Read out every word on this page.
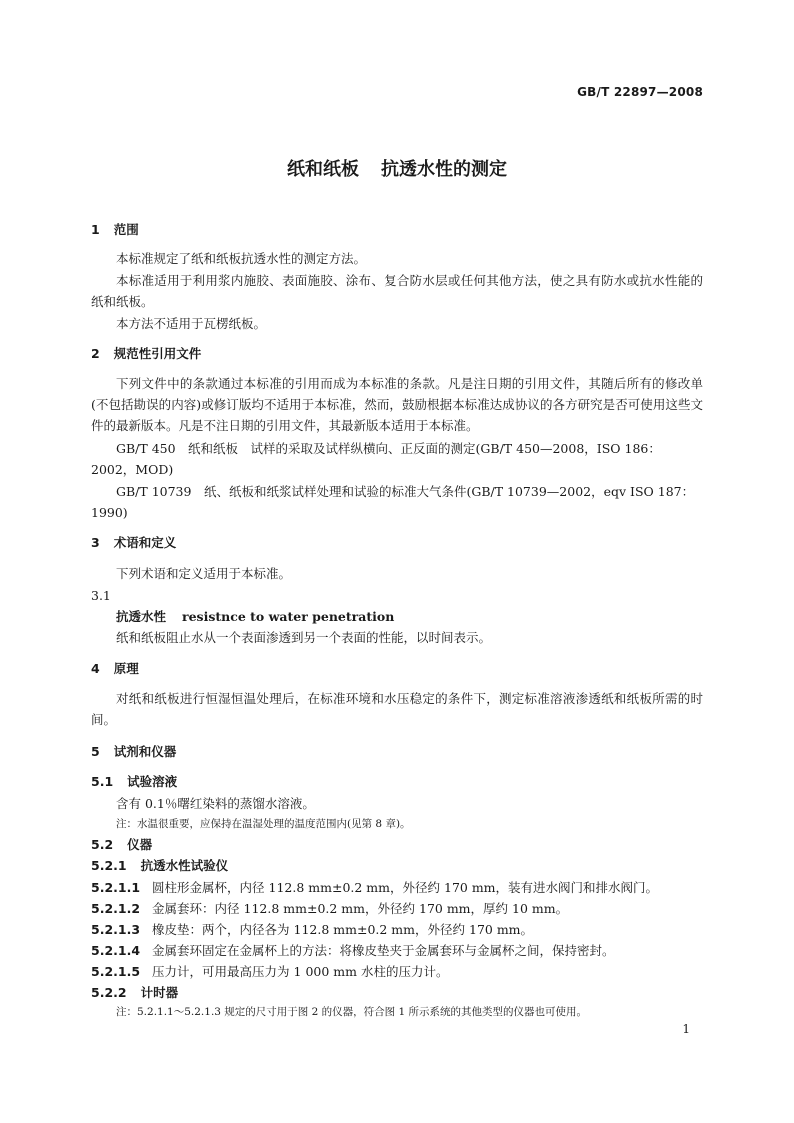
GB/T 22897—2008
纸和纸板 抗透水性的测定
1 范围

本标准规定了纸和纸板抗透水性的测定方法。

本标准适用于利用浆内施胶、表面施胶、涂布、复合防水层或任何其他方法，使之具有防水或抗水性能的纸和纸板。

本方法不适用于瓦楞纸板。

2 规范性引用文件

下列文件中的条款通过本标准的引用而成为本标准的条款。凡是注日期的引用文件，其随后所有的修改单(不包括勘误的内容)或修订版均不适用于本标准，然而，鼓励根据本标准达成协议的各方研究是否可使用这些文件的最新版本。凡是不注日期的引用文件，其最新版本适用于本标准。

GB/T 450　纸和纸板　试样的采取及试样纵横向、正反面的测定(GB/T 450—2008，ISO 186：2002，MOD)

GB/T 10739　纸、纸板和纸浆试样处理和试验的标准大气条件(GB/T 10739—2002，eqv ISO 187：1990)

3 术语和定义

下列术语和定义适用于本标准。

3.1
抗透水性 resistnce to water penetration

纸和纸板阻止水从一个表面渗透到另一个表面的性能，以时间表示。

4 原理

对纸和纸板进行恒湿恒温处理后，在标准环境和水压稳定的条件下，测定标准溶液渗透纸和纸板所需的时间。

5 试剂和仪器
5.1 试验溶液

含有 0.1％曙红染料的蒸馏水溶液。

注：水温很重要，应保持在温湿处理的温度范围内(见第 8 章)。

5.2 仪器
5.2.1 抗透水性试验仪
5.2.1.1 圆柱形金属杯，内径 112.8 mm±0.2 mm，外径约 170 mm，装有进水阀门和排水阀门。
5.2.1.2 金属套环：内径 112.8 mm±0.2 mm，外径约 170 mm，厚约 10 mm。
5.2.1.3 橡皮垫：两个，内径各为 112.8 mm±0.2 mm，外径约 170 mm。
5.2.1.4 金属套环固定在金属杯上的方法：将橡皮垫夹于金属套环与金属杯之间，保持密封。
5.2.1.5 压力计，可用最高压力为 1 000 mm 水柱的压力计。
5.2.2 计时器

注：5.2.1.1～5.2.1.3 规定的尺寸用于图 2 的仪器，符合图 1 所示系统的其他类型的仪器也可使用。

1
